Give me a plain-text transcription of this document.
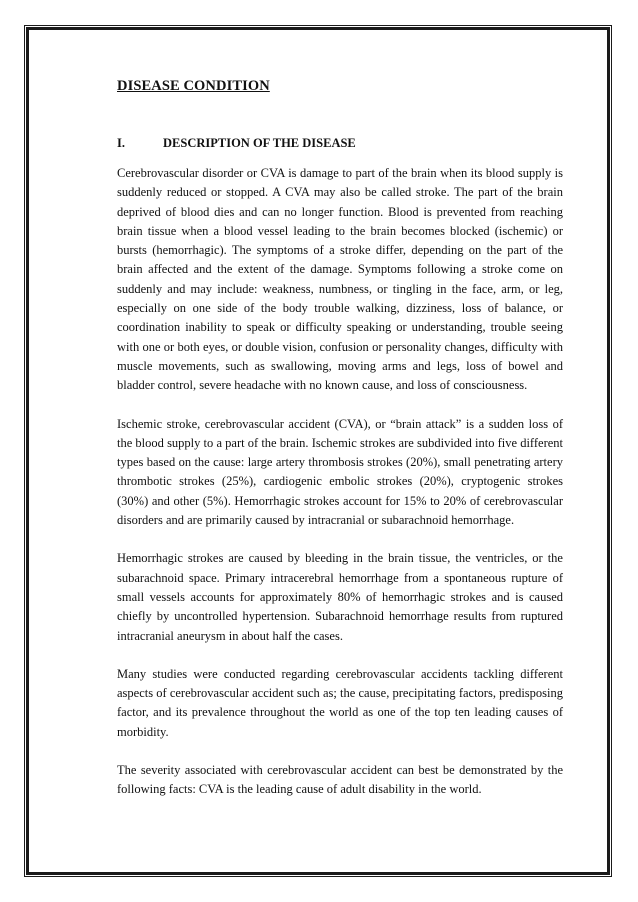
DISEASE CONDITION
I.	DESCRIPTION OF THE DISEASE

Cerebrovascular disorder or CVA is damage to part of the brain when its blood supply is suddenly reduced or stopped. A CVA may also be called stroke. The part of the brain deprived of blood dies and can no longer function. Blood is prevented from reaching brain tissue when a blood vessel leading to the brain becomes blocked (ischemic) or bursts (hemorrhagic). The symptoms of a stroke differ, depending on the part of the brain affected and the extent of the damage. Symptoms following a stroke come on suddenly and may include: weakness, numbness, or tingling in the face, arm, or leg, especially on one side of the body trouble walking, dizziness, loss of balance, or coordination inability to speak or difficulty speaking or understanding, trouble seeing with one or both eyes, or double vision, confusion or personality changes, difficulty with muscle movements, such as swallowing, moving arms and legs, loss of bowel and bladder control, severe headache with no known cause, and loss of consciousness.

Ischemic stroke, cerebrovascular accident (CVA), or “brain attack” is a sudden loss of the blood supply to a part of the brain. Ischemic strokes are subdivided into five different types based on the cause: large artery thrombosis strokes (20%), small penetrating artery thrombotic strokes (25%), cardiogenic embolic strokes (20%), cryptogenic strokes (30%) and other (5%). Hemorrhagic strokes account for 15% to 20% of cerebrovascular disorders and are primarily caused by intracranial or subarachnoid hemorrhage.

Hemorrhagic strokes are caused by bleeding in the brain tissue, the ventricles, or the subarachnoid space. Primary intracerebral hemorrhage from a spontaneous rupture of small vessels accounts for approximately 80% of hemorrhagic strokes and is caused chiefly by uncontrolled hypertension. Subarachnoid hemorrhage results from ruptured intracranial aneurysm in about half the cases.

Many studies were conducted regarding cerebrovascular accidents tackling different aspects of cerebrovascular accident such as; the cause, precipitating factors, predisposing factor, and its prevalence throughout the world as one of the top ten leading causes of morbidity.

The severity associated with cerebrovascular accident can best be demonstrated by the following facts: CVA is the leading cause of adult disability in the world.
